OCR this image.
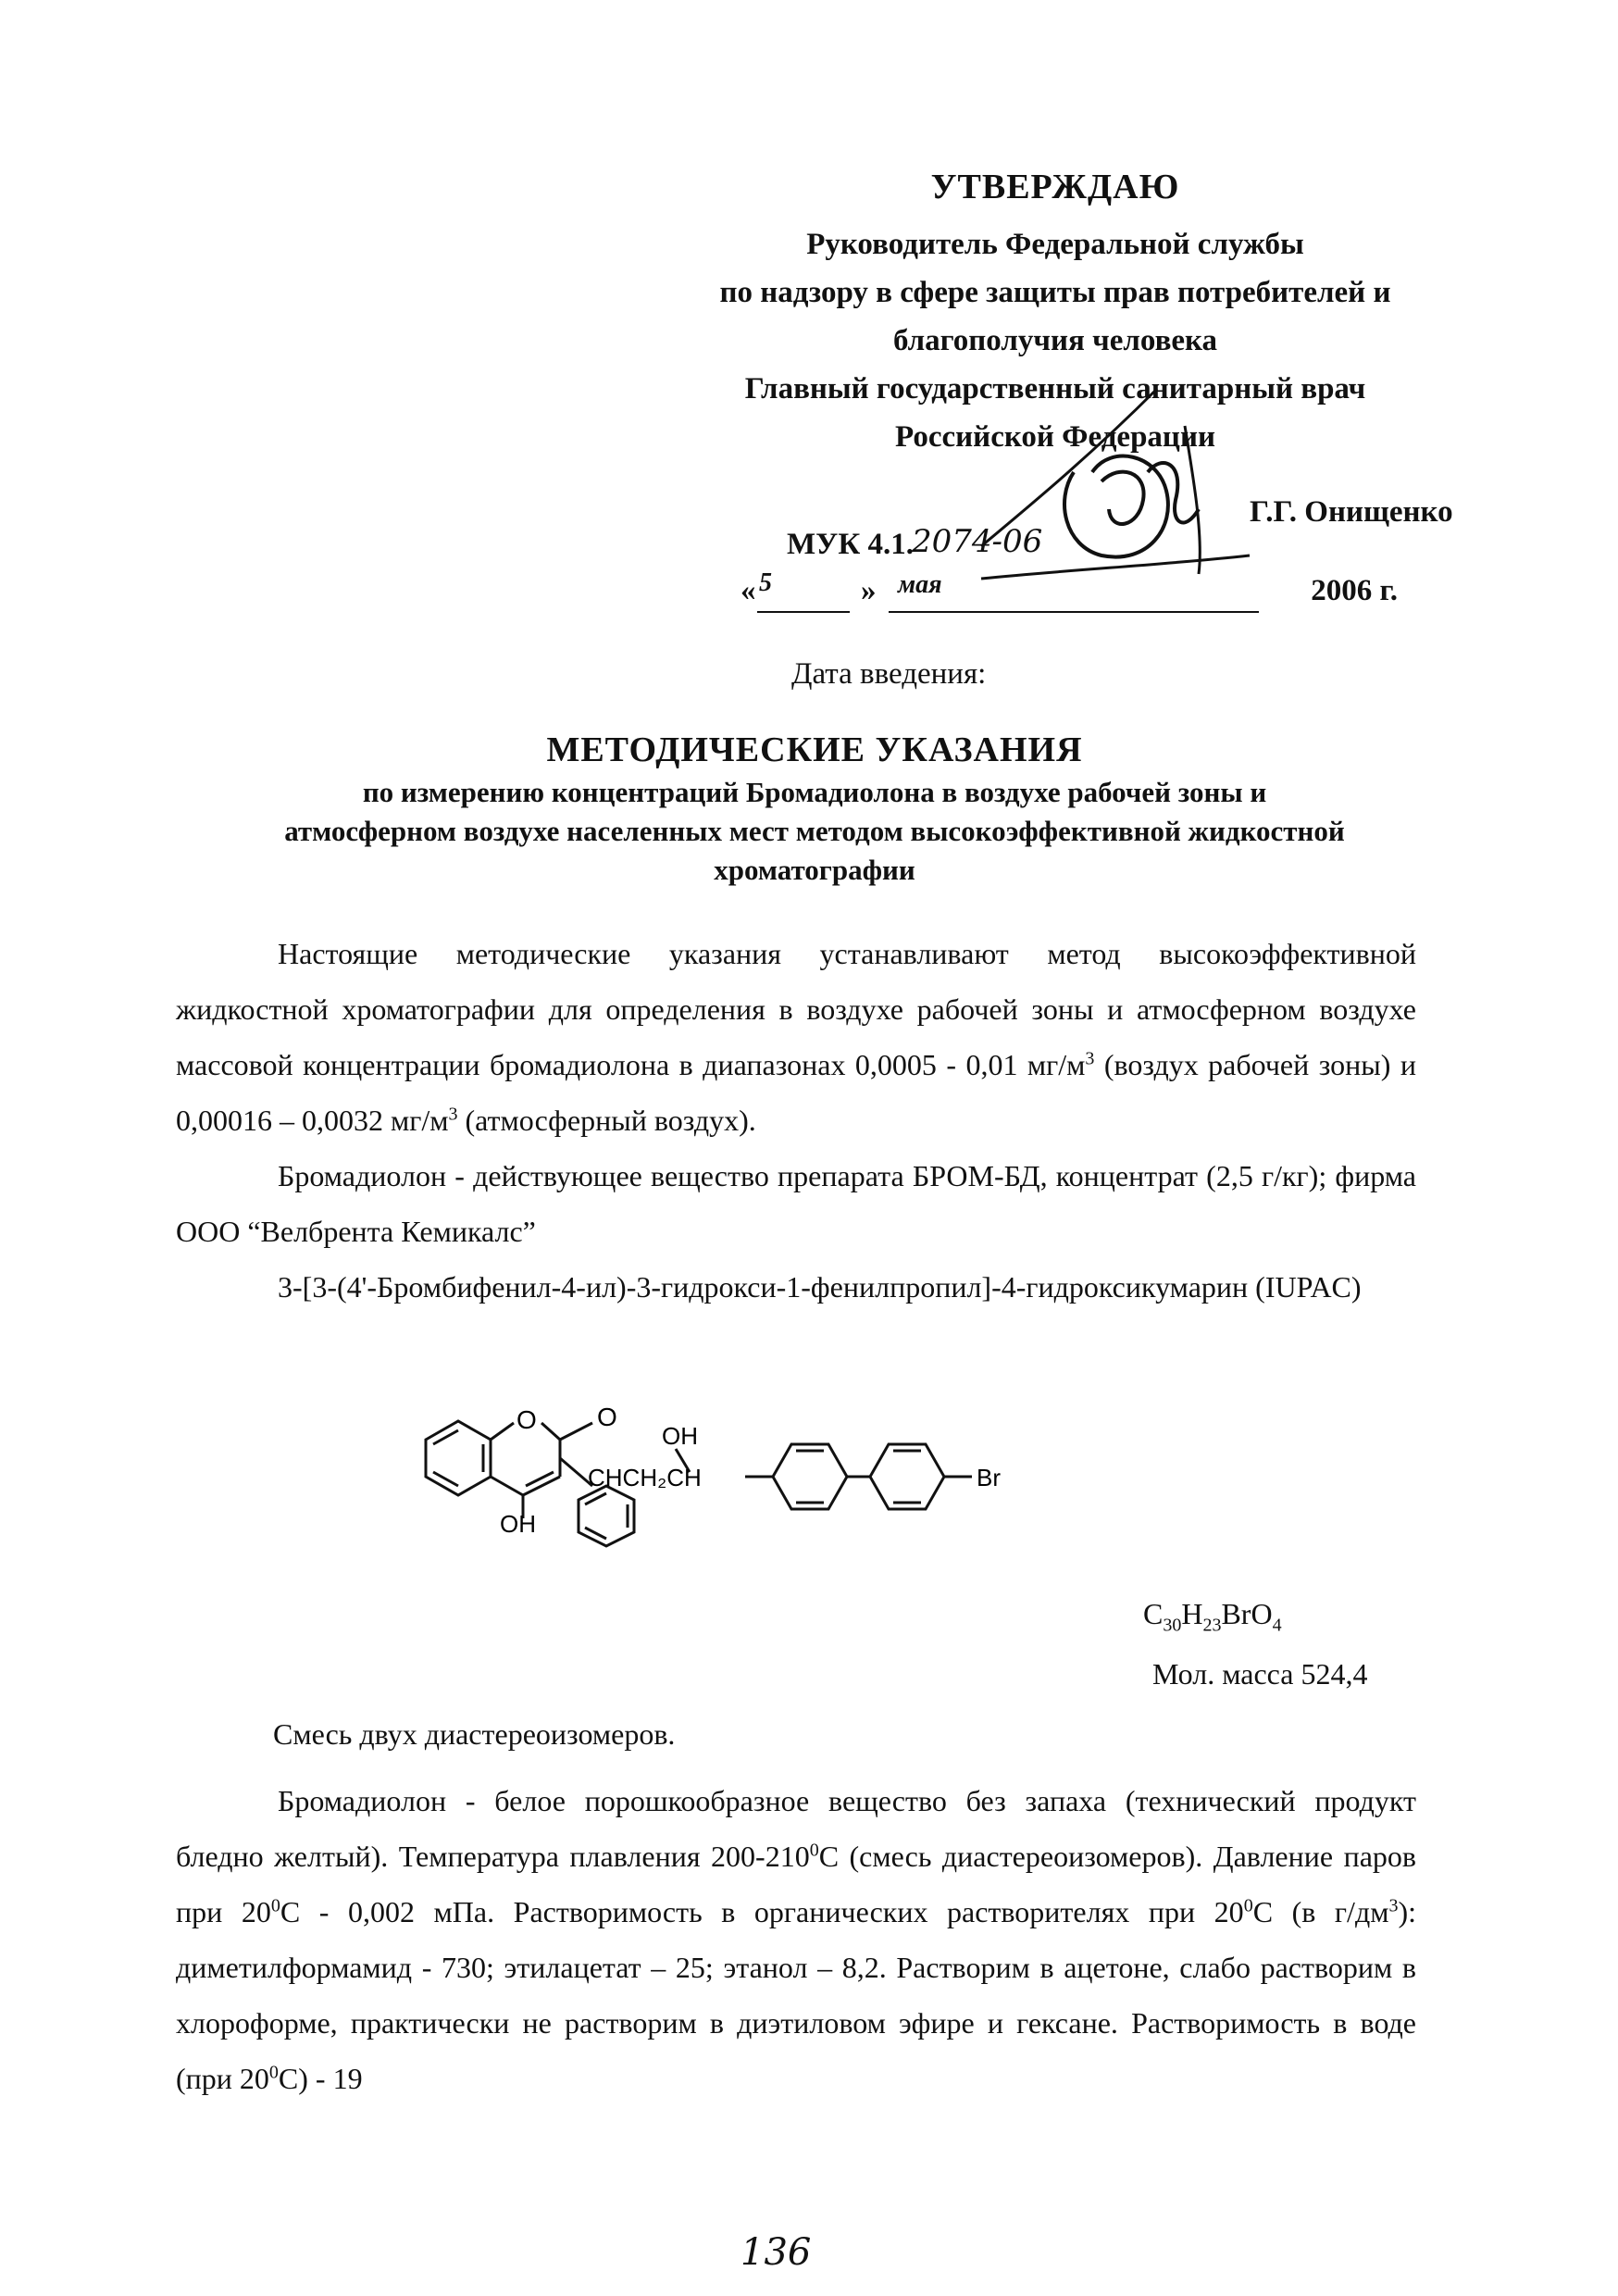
УТВЕРЖДАЮ
Руководитель Федеральной службы
по надзору в сфере защиты прав потребителей и
благополучия человека
Главный государственный санитарный врач
Российской Федерации
Г.Г. Онищенко
МУК 4.1.
2074-06
« 5	» мая	2006 г.
Дата введения:
МЕТОДИЧЕСКИЕ УКАЗАНИЯ
по измерению концентраций Бромадиолона в воздухе рабочей зоны и
атмосферном воздухе населенных мест методом высокоэффективной жидкостной
хроматографии

Настоящие методические указания устанавливают метод высокоэффективной жидкостной хроматографии для определения в воздухе рабочей зоны и атмосферном воздухе массовой концентрации бромадиолона в диапазонах 0,0005 - 0,01 $мг/м^3$ (воздух рабочей зоны) и 0,00016 – 0,0032 $мг/м^3$ (атмосферный воздух).

Бромадиолон - действующее вещество препарата БРОМ-БД, концентрат (2,5 г/кг); фирма ООО “Велбрента Кемикалс”

3-[3-(4'-Бромбифенил-4-ил)-3-гидрокси-1-фенилпропил]-4-гидроксикумарин (IUPAC)

O O
OH
OH
CHCH₂CH	Br
$C_{30}H_{23}BrO_4$
Мол. масса 524,4
Смесь двух диастереоизомеров.

Бромадиолон - белое порошкообразное вещество без запаха (технический продукт бледно желтый). Температура плавления $200-210^0С$ (смесь диастереоизомеров). Давление паров при $20^0С - 0,002$ мПа. Растворимость в органических растворителях при $20^0С$ (в $г/дм^3$): диметилформамид - 730; этилацетат – 25; этанол – 8,2. Растворим в ацетоне, слабо растворим в хлороформе, практически не растворим в диэтиловом эфире и гексане. Растворимость в воде (при $20^0С) - 19$

136
